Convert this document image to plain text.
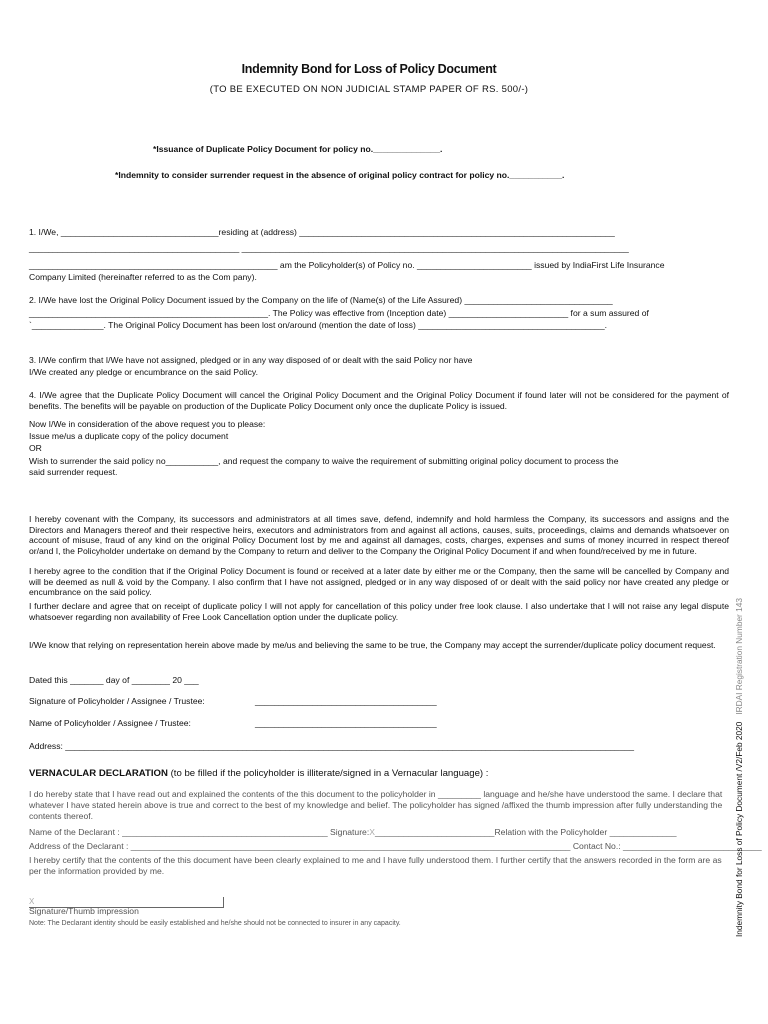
Indemnity Bond for Loss of Policy Document
(TO BE EXECUTED ON NON JUDICIAL STAMP PAPER OF RS. 500/-)
*Issuance of Duplicate Policy Document for policy no.______________.
*Indemnity to consider surrender request in the absence of original policy contract for policy no.___________.
1. I/We, _________________________________residing at (address) __________________________________________________________________
____________________________________________ _________________________________________________________________________________
____________________________________________________ am the Policyholder(s) of Policy no. ________________________ issued by IndiaFirst Life Insurance
Company Limited (hereinafter referred to as the Com pany).
2. I/We have lost the Original Policy Document issued by the Company on the life of (Name(s) of the Life Assured) _______________________________
__________________________________________________. The Policy was effective from (Inception date) _________________________ for a sum assured of
`_______________. The Original Policy Document has been lost on/around (mention the date of loss) _______________________________________.
3. I/We confirm that I/We have not assigned, pledged or in any way disposed of or dealt with the said Policy nor have
I/We created any pledge or encumbrance on the said Policy.
4. I/We agree that the Duplicate Policy Document will cancel the Original Policy Document and the Original Policy Document if found later will not be considered for the payment of benefits. The benefits will be payable on production of the Duplicate Policy Document only once the duplicate Policy is issued.
Now I/We in consideration of the above request you to please:
Issue me/us a duplicate copy of the policy document
OR
Wish to surrender the said policy no___________, and request the company to waive the requirement of submitting original policy document to process the
said surrender request.
I hereby covenant with the Company, its successors and administrators at all times save, defend, indemnify and hold harmless the Company, its successors and assigns and the Directors and Managers thereof and their respective heirs, executors and administrators from and against all actions, causes, suits, proceedings, claims and demands whatsoever on account of misuse, fraud of any kind on the original Policy Document lost by me and against all damages, costs, charges, expenses and sums of money incurred in respect thereof or/and I, the Policyholder undertake on demand by the Company to return and deliver to the Company the Original Policy Document if and when found/received by me in future.
I hereby agree to the condition that if the Original Policy Document is found or received at a later date by either me or the Company, then the same will be cancelled by Company and will be deemed as null & void by the Company. I also confirm that I have not assigned, pledged or in any way disposed of or dealt with the said policy nor have created any pledge or encumbrance on the said policy.
I further declare and agree that on receipt of duplicate policy I will not apply for cancellation of this policy under free look clause. I also undertake that I will not raise any legal dispute whatsoever regarding non availability of Free Look Cancellation option under the duplicate policy.
I/We know that relying on representation herein above made by me/us and believing the same to be true, the Company may accept the surrender/duplicate policy document request.
Dated this _______ day of ________ 20 ___
Signature of Policyholder / Assignee / Trustee:	______________________________________
Name of Policyholder / Assignee / Trustee:	______________________________________
Address: _______________________________________________________________________________________________________________________
VERNACULAR DECLARATION (to be filled if the policyholder is illiterate/signed in a Vernacular language) :
I do hereby state that I have read out and explained the contents of the this document to the policyholder in _________ language and he/she have understood the same. I declare that whatever I have stated herein above is true and correct to the best of my knowledge and belief. The policyholder has signed /affixed the thumb impression after fully understanding the contents thereof.
Name of the Declarant : ___________________________________________ Signature:X_________________________Relation with the Policyholder ______________
Address of the Declarant : ____________________________________________________________________________________________ Contact No.: _____________________________
I hereby certify that the contents of the this document have been clearly explained to me and I have fully understood them. I further certify that the answers recorded in the form are as per the information provided by me.
X
Signature/Thumb impression
Note: The Declarant identity should be easily established and he/she should not be connected to insurer in any capacity.	Indemnity Bond for Loss of Policy Document /V2/Feb 2020   IRDAI Registration Number 143
